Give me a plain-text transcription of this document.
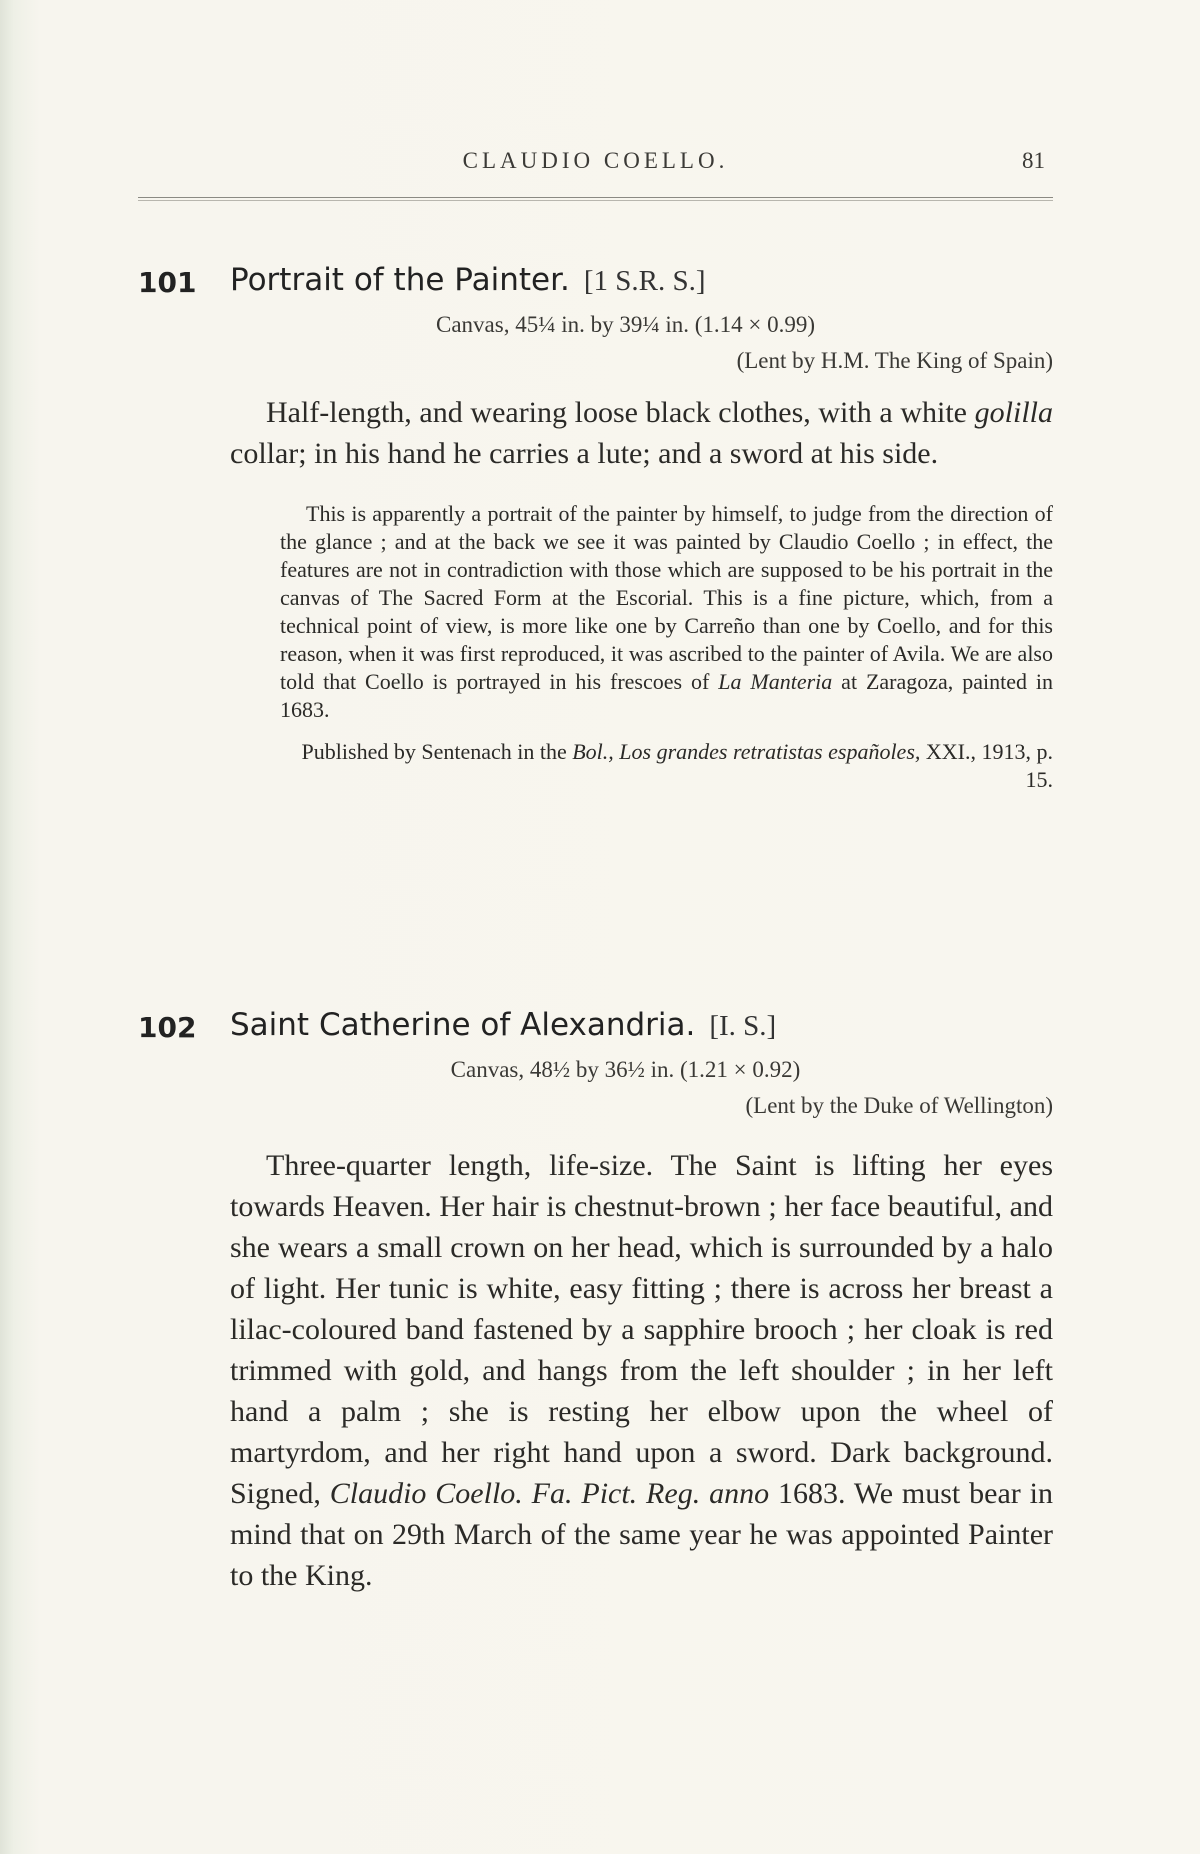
CLAUDIO COELLO.	81
101 Portrait of the Painter. [1 S.R. S.]
Canvas, 45¼ in. by 39¼ in. (1.14 × 0.99)
(Lent by H.M. The King of Spain)
Half-length, and wearing loose black clothes, with a white golilla collar; in his hand he carries a lute; and a sword at his side.
This is apparently a portrait of the painter by himself, to judge from the direction of the glance ; and at the back we see it was painted by Claudio Coello ; in effect, the features are not in contradiction with those which are supposed to be his portrait in the canvas of The Sacred Form at the Escorial. This is a fine picture, which, from a technical point of view, is more like one by Carreño than one by Coello, and for this reason, when it was first reproduced, it was ascribed to the painter of Avila. We are also told that Coello is portrayed in his frescoes of La Manteria at Zaragoza, painted in 1683.
Published by Sentenach in the Bol., Los grandes retratistas españoles, XXI., 1913, p. 15.
102 Saint Catherine of Alexandria. [I. S.]
Canvas, 48½ by 36½ in. (1.21 × 0.92)
(Lent by the Duke of Wellington)
Three-quarter length, life-size. The Saint is lifting her eyes towards Heaven. Her hair is chestnut-brown ; her face beautiful, and she wears a small crown on her head, which is surrounded by a halo of light. Her tunic is white, easy fitting ; there is across her breast a lilac-coloured band fastened by a sapphire brooch ; her cloak is red trimmed with gold, and hangs from the left shoulder ; in her left hand a palm ; she is resting her elbow upon the wheel of martyrdom, and her right hand upon a sword. Dark background. Signed, Claudio Coello. Fa. Pict. Reg. anno 1683. We must bear in mind that on 29th March of the same year he was appointed Painter to the King.
